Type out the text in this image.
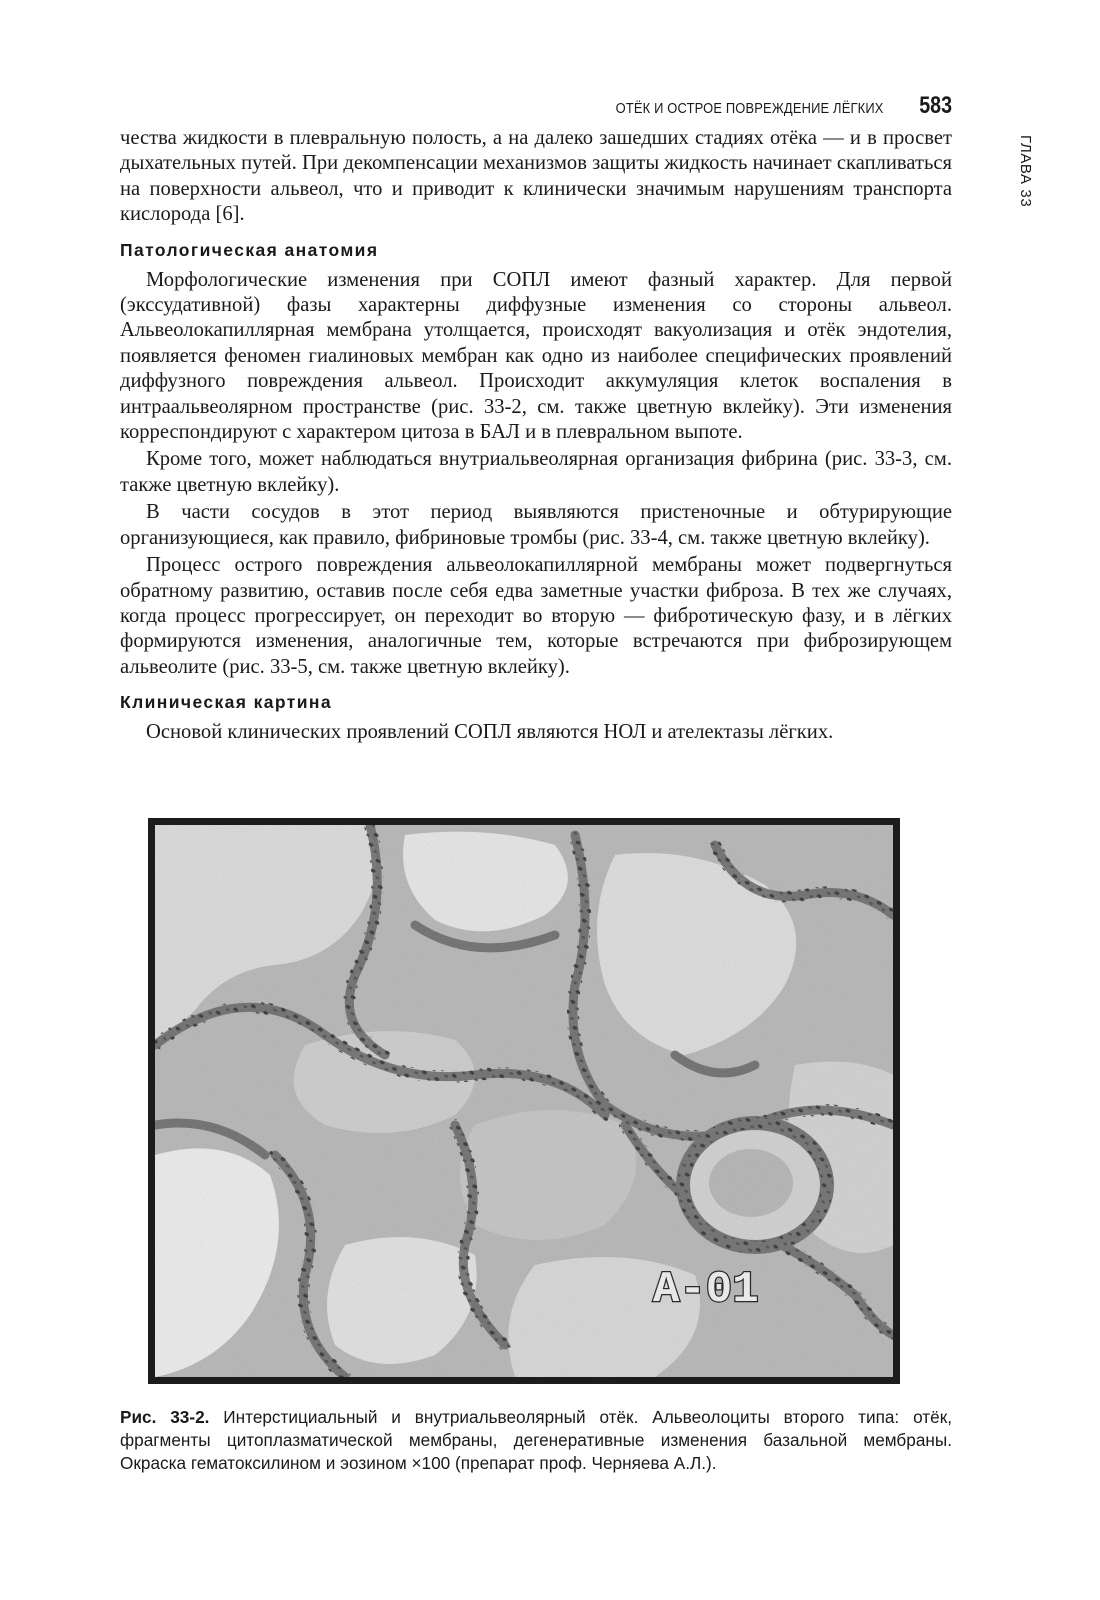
ОТЁК И ОСТРОЕ ПОВРЕЖДЕНИЕ ЛЁГКИХ 583
ГЛАВА 33

чества жидкости в плевральную полость, а на далеко зашедших стадиях отёка — и в просвет дыхательных путей. При декомпенсации механизмов защиты жидкость начинает скапливаться на поверхности альвеол, что и приводит к клинически значимым нарушениям транспорта кислорода [6].

Патологическая анатомия

Морфологические изменения при СОПЛ имеют фазный характер. Для первой (экссудативной) фазы характерны диффузные изменения со стороны альвеол. Альвеолокапиллярная мембрана утолщается, происходят вакуолизация и отёк эндотелия, появляется феномен гиалиновых мембран как одно из наиболее специфических проявлений диффузного повреждения альвеол. Происходит аккумуляция клеток воспаления в интраальвеолярном пространстве (рис. 33-2, см. также цветную вклейку). Эти изменения корреспондируют с характером цитоза в БАЛ и в плевральном выпоте.

Кроме того, может наблюдаться внутриальвеолярная организация фибрина (рис. 33-3, см. также цветную вклейку).

В части сосудов в этот период выявляются пристеночные и обтурирующие организующиеся, как правило, фибриновые тромбы (рис. 33-4, см. также цветную вклейку).

Процесс острого повреждения альвеолокапиллярной мембраны может подвергнуться обратному развитию, оставив после себя едва заметные участки фиброза. В тех же случаях, когда процесс прогрессирует, он переходит во вторую — фибротическую фазу, и в лёгких формируются изменения, аналогичные тем, которые встречаются при фиброзирующем альвеолите (рис. 33-5, см. также цветную вклейку).

Клиническая картина

Основой клинических проявлений СОПЛ являются НОЛ и ателектазы лёгких.

A-01
Рис. 33-2. Интерстициальный и внутриальвеолярный отёк. Альвеолоциты второго типа: отёк, фрагменты цитоплазматической мембраны, дегенеративные изменения базальной мембраны. Окраска гематоксилином и эозином ×100 (препарат проф. Черняева А.Л.).
